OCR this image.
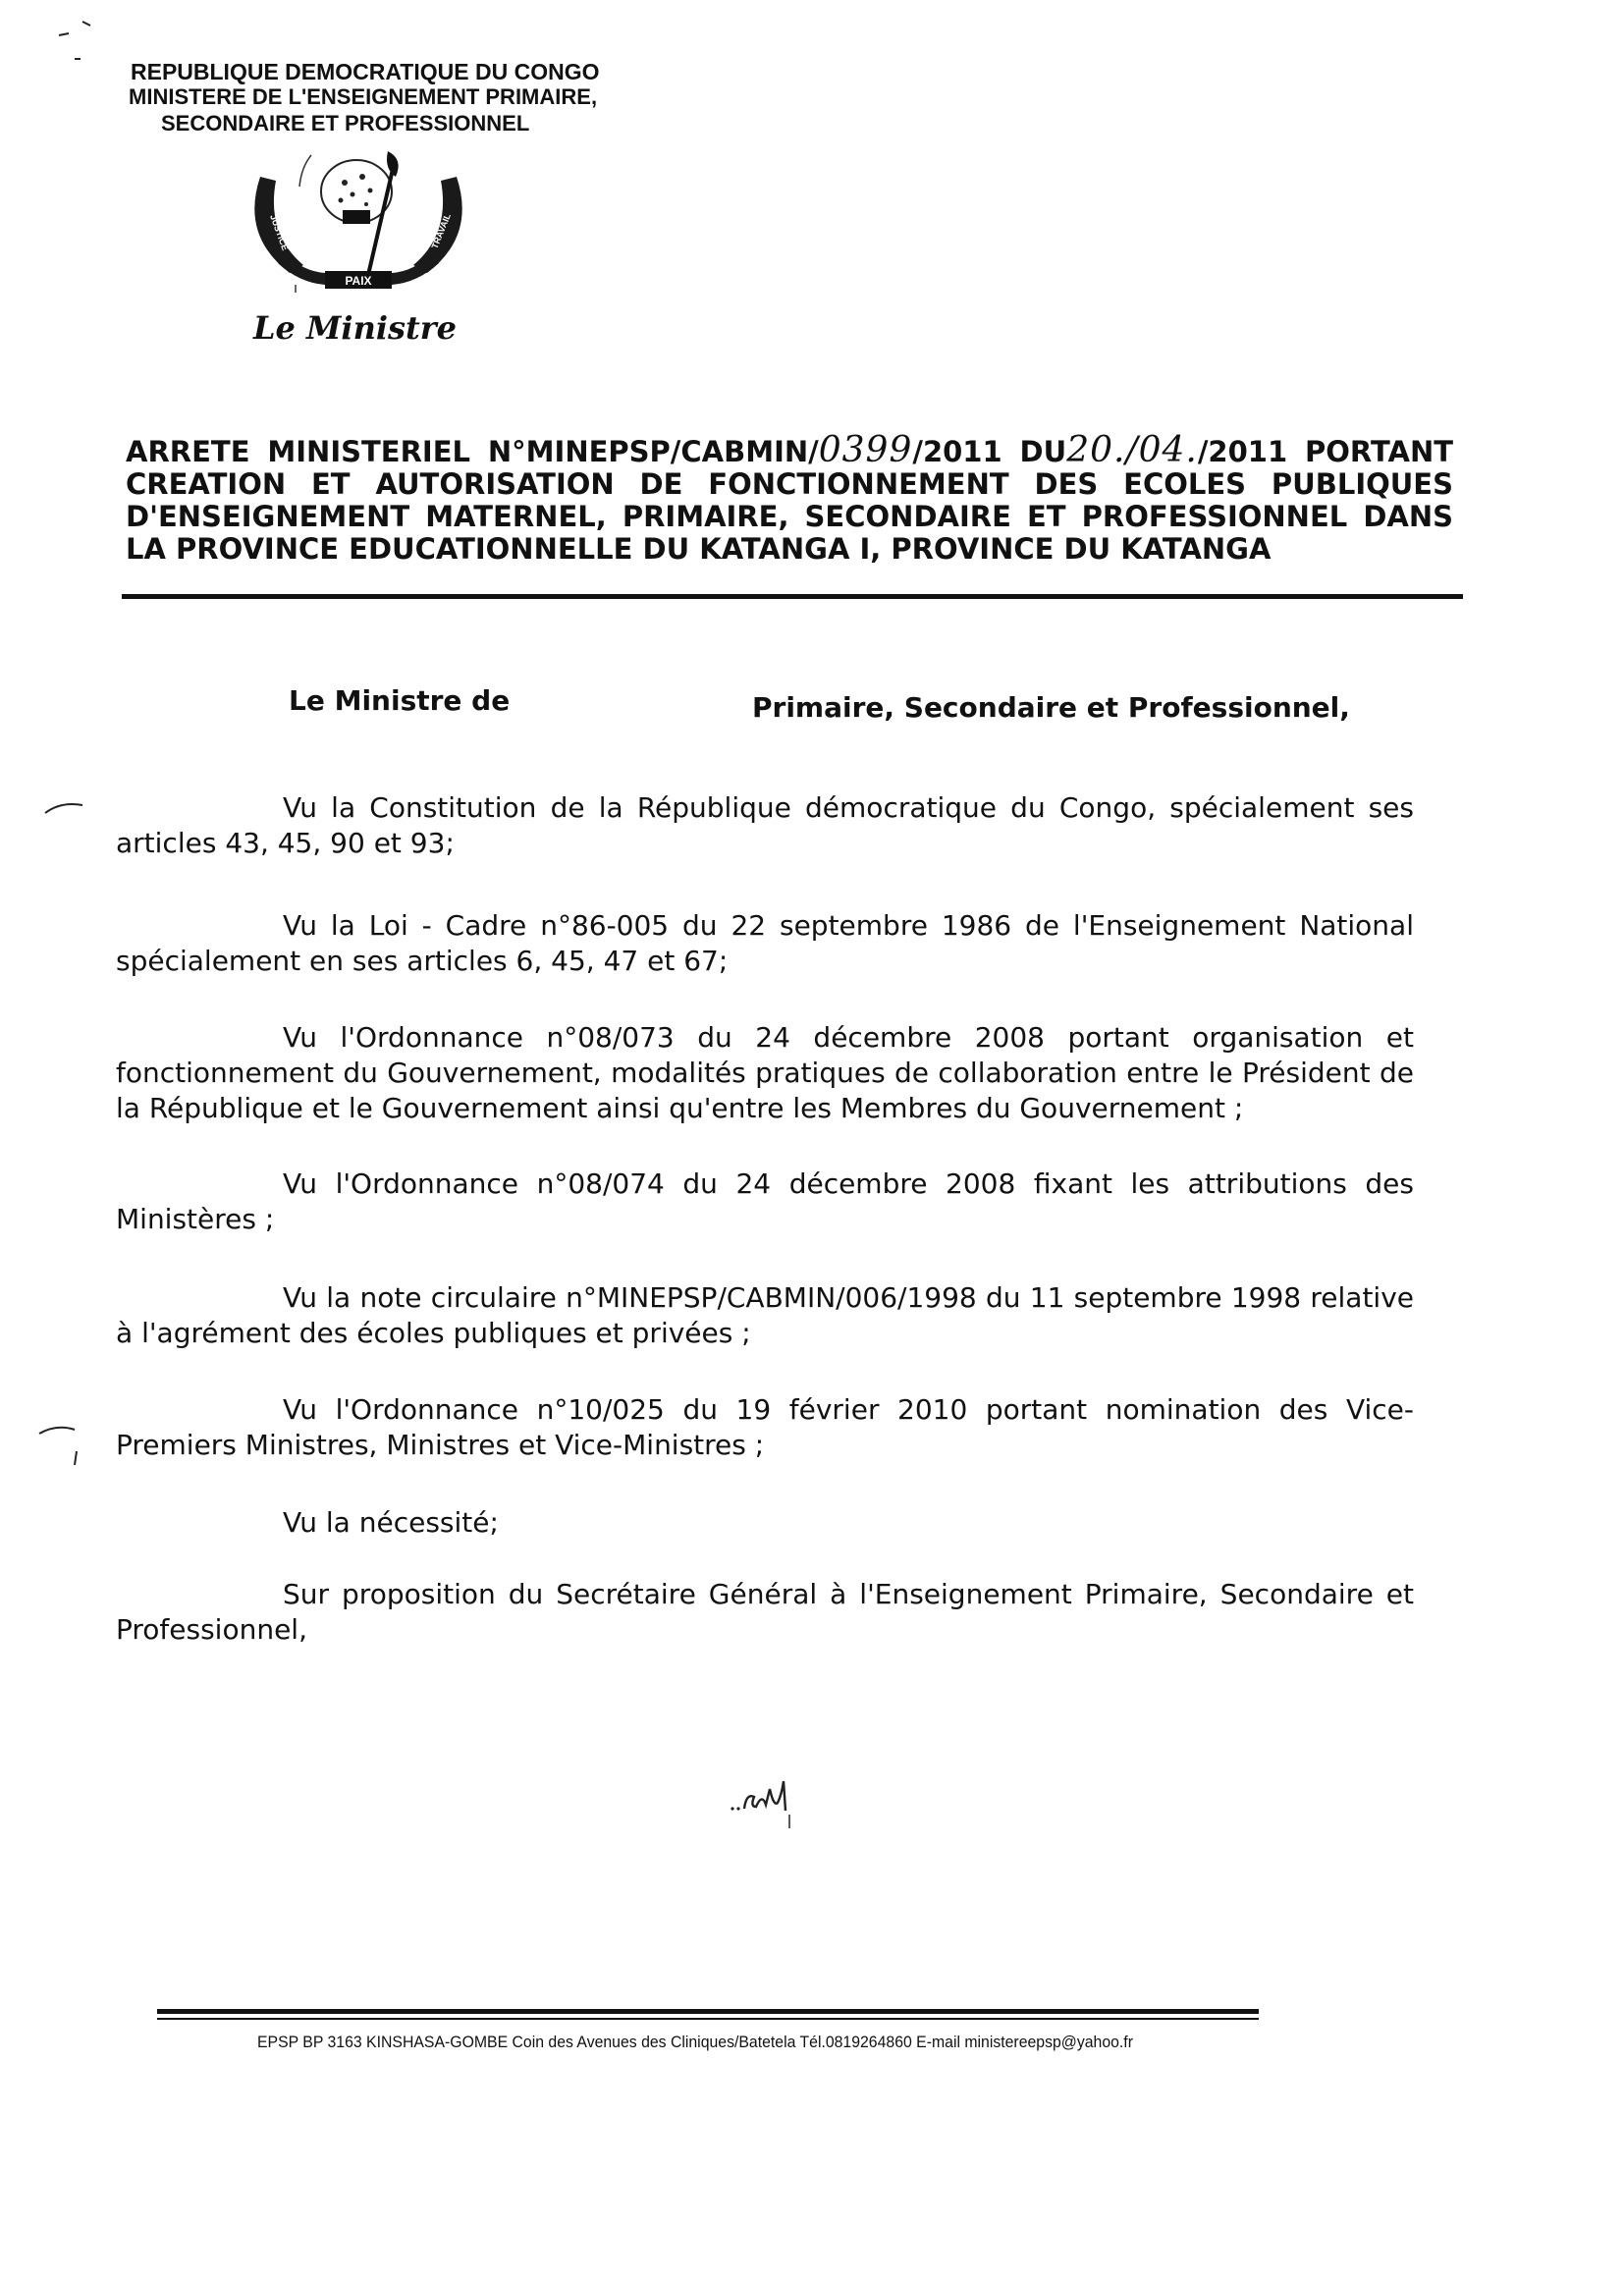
REPUBLIQUE DEMOCRATIQUE DU CONGO
MINISTERE DE L'ENSEIGNEMENT PRIMAIRE,
SECONDAIRE ET PROFESSIONNEL
PAIX
JUSTICE	TRAVAIL
Le Ministre
ARRETE MINISTERIEL N°MINEPSP/CABMIN/0399/2011 DU20./04./2011 PORTANT CREATION ET AUTORISATION DE FONCTIONNEMENT DES ECOLES PUBLIQUES D'ENSEIGNEMENT MATERNEL, PRIMAIRE, SECONDAIRE ET PROFESSIONNEL DANS LA PROVINCE EDUCATIONNELLE DU KATANGA I, PROVINCE DU KATANGA
Le Ministre de	Primaire, Secondaire et Professionnel,
Vu la Constitution de la République démocratique du Congo, spécialement ses articles 43, 45, 90 et 93;
Vu la Loi - Cadre n°86-005 du 22 septembre 1986 de l'Enseignement National spécialement en ses articles 6, 45, 47 et 67;
Vu l'Ordonnance n°08/073 du 24 décembre 2008 portant organisation et fonctionnement du Gouvernement, modalités pratiques de collaboration entre le Président de la République et le Gouvernement ainsi qu'entre les Membres du Gouvernement ;
Vu l'Ordonnance n°08/074 du 24 décembre 2008 fixant les attributions des Ministères ;
Vu la note circulaire n°MINEPSP/CABMIN/006/1998 du 11 septembre 1998 relative à l'agrément des écoles publiques et privées ;
Vu l'Ordonnance n°10/025 du 19 février 2010 portant nomination des Vice- Premiers Ministres, Ministres et Vice-Ministres ;
Vu la nécessité;
Sur proposition du Secrétaire Général à l'Enseignement Primaire, Secondaire et Professionnel,
EPSP BP 3163 KINSHASA-GOMBE Coin des Avenues des Cliniques/Batetela Tél.0819264860 E-mail ministereepsp@yahoo.fr
